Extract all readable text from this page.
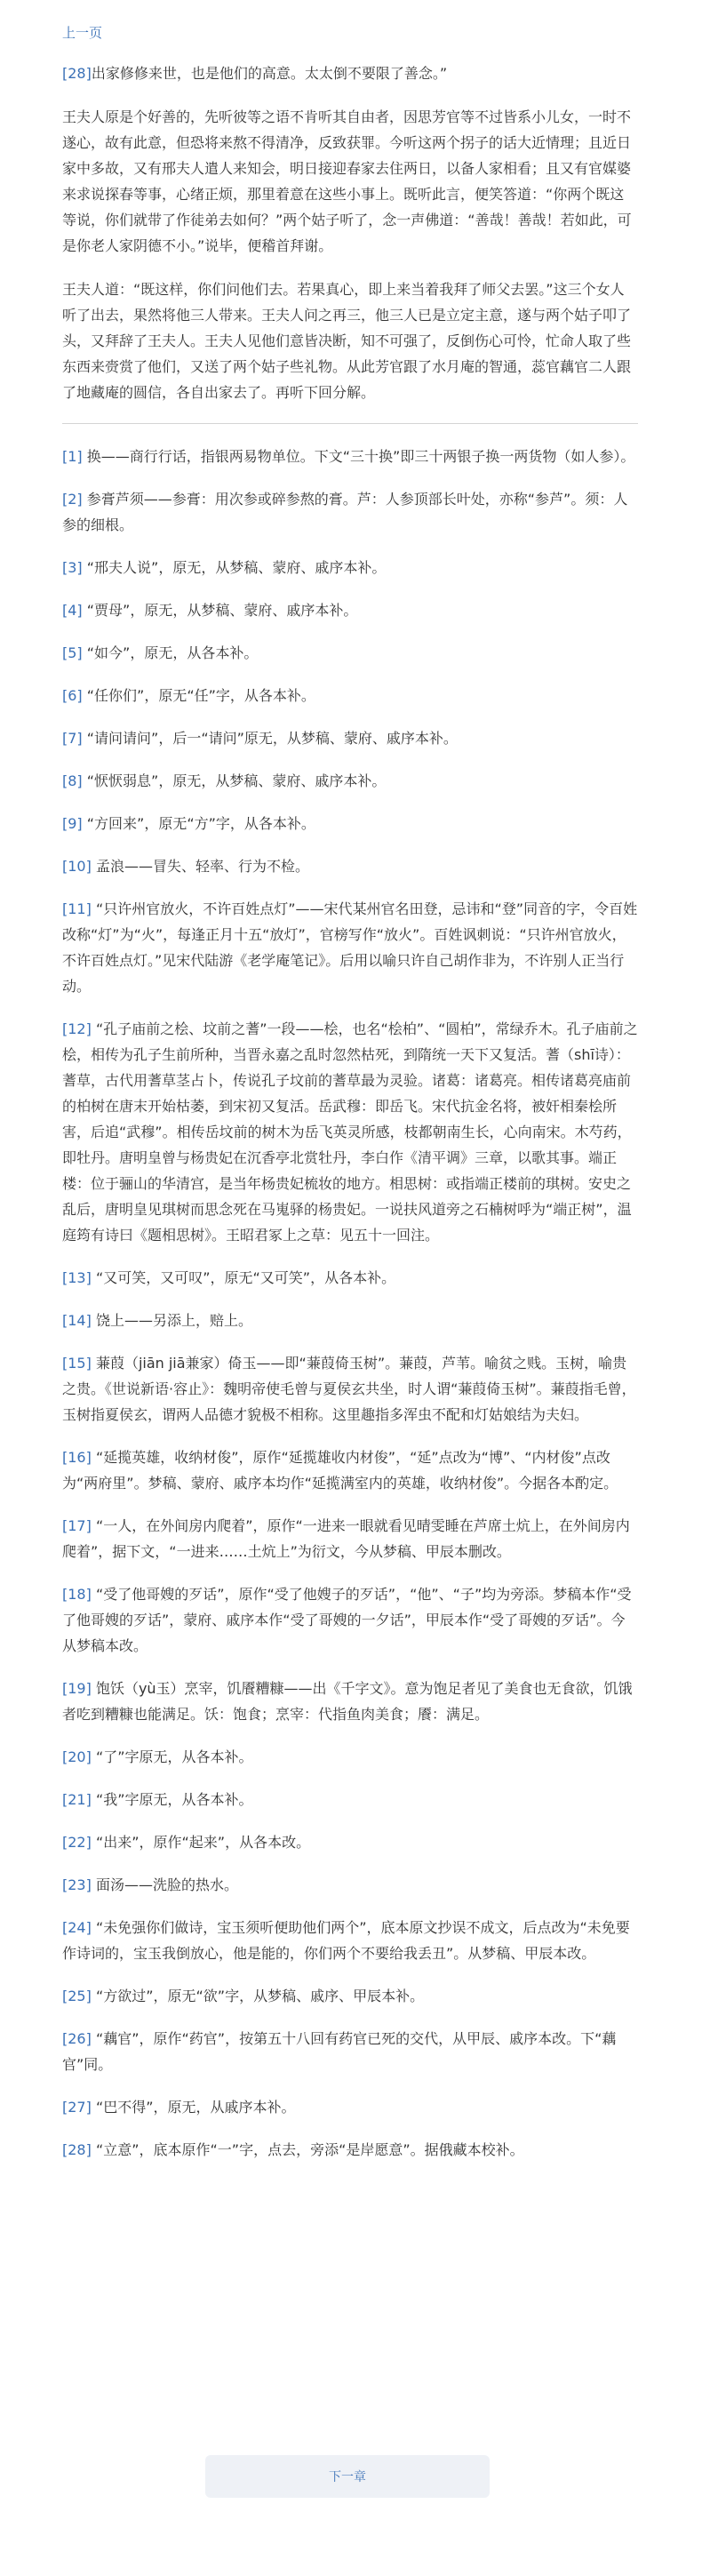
上一页

[28]出家修修来世，也是他们的高意。太太倒不要限了善念。”

王夫人原是个好善的，先听彼等之语不肯听其自由者，因思芳官等不过皆系小儿女，一时不遂心，故有此意，但恐将来熬不得清净，反致获罪。今听这两个拐子的话大近情理；且近日家中多故，又有邢夫人遣人来知会，明日接迎春家去住两日，以备人家相看；且又有官媒婆来求说探春等事，心绪正烦，那里着意在这些小事上。既听此言，便笑答道：“你两个既这等说，你们就带了作徒弟去如何？”两个姑子听了，念一声佛道：“善哉！善哉！若如此，可是你老人家阴德不小。”说毕，便稽首拜谢。

王夫人道：“既这样，你们问他们去。若果真心，即上来当着我拜了师父去罢。”这三个女人听了出去，果然将他三人带来。王夫人问之再三，他三人已是立定主意，遂与两个姑子叩了头，又拜辞了王夫人。王夫人见他们意皆决断，知不可强了，反倒伤心可怜，忙命人取了些东西来赍赏了他们，又送了两个姑子些礼物。从此芳官跟了水月庵的智通，蕊官藕官二人跟了地藏庵的圆信，各自出家去了。再听下回分解。

[1] 换——商行行话，指银两易物单位。下文“三十换”即三十两银子换一两货物（如人参）。

[2] 参膏芦须——参膏：用次参或碎参熬的膏。芦：人参顶部长叶处，亦称“参芦”。须：人参的细根。

[3] “邢夫人说”，原无，从梦稿、蒙府、戚序本补。

[4] “贾母”，原无，从梦稿、蒙府、戚序本补。

[5] “如今”，原无，从各本补。

[6] “任你们”，原无“任”字，从各本补。

[7] “请问请问”，后一“请问”原无，从梦稿、蒙府、戚序本补。

[8] “恹恹弱息”，原无，从梦稿、蒙府、戚序本补。

[9] “方回来”，原无“方”字，从各本补。

[10] 孟浪——冒失、轻率、行为不检。

[11] “只许州官放火，不许百姓点灯”——宋代某州官名田登，忌讳和“登”同音的字，令百姓改称“灯”为“火”，每逢正月十五“放灯”，官榜写作“放火”。百姓讽刺说：“只许州官放火，不许百姓点灯。”见宋代陆游《老学庵笔记》。后用以喻只许自己胡作非为，不许别人正当行动。

[12] “孔子庙前之桧、坟前之蓍”一段——桧，也名“桧柏”、“圆柏”，常绿乔木。孔子庙前之桧，相传为孔子生前所种，当晋永嘉之乱时忽然枯死，到隋统一天下又复活。蓍（shī诗）：蓍草，古代用蓍草茎占卜，传说孔子坟前的蓍草最为灵验。诸葛：诸葛亮。相传诸葛亮庙前的柏树在唐末开始枯萎，到宋初又复活。岳武穆：即岳飞。宋代抗金名将，被奸相秦桧所害，后追“武穆”。相传岳坟前的树木为岳飞英灵所感，枝都朝南生长，心向南宋。木芍药，即牡丹。唐明皇曾与杨贵妃在沉香亭北赏牡丹，李白作《清平调》三章，以歌其事。端正楼：位于骊山的华清宫，是当年杨贵妃梳妆的地方。相思树：或指端正楼前的琪树。安史之乱后，唐明皇见琪树而思念死在马嵬驿的杨贵妃。一说扶风道旁之石楠树呼为“端正树”，温庭筠有诗曰《题相思树》。王昭君冢上之草：见五十一回注。

[13] “又可笑，又可叹”，原无“又可笑”，从各本补。

[14] 饶上——另添上，赔上。

[15] 蒹葭（jiān jiā兼家）倚玉——即“蒹葭倚玉树”。蒹葭，芦苇。喻贫之贱。玉树，喻贵之贵。《世说新语·容止》：魏明帝使毛曾与夏侯玄共坐，时人谓“蒹葭倚玉树”。蒹葭指毛曾，玉树指夏侯玄，谓两人品德才貌极不相称。这里趣指多浑虫不配和灯姑娘结为夫妇。

[16] “延揽英雄，收纳材俊”，原作“延揽雄收内材俊”，“延”点改为“博”、“内材俊”点改为“两府里”。梦稿、蒙府、戚序本均作“延揽满室内的英雄，收纳材俊”。今据各本酌定。

[17] “一人，在外间房内爬着”，原作“一进来一眼就看见晴雯睡在芦席土炕上，在外间房内爬着”，据下文，“一进来……土炕上”为衍文，今从梦稿、甲辰本删改。

[18] “受了他哥嫂的歹话”，原作“受了他嫂子的歹话”，“他”、“子”均为旁添。梦稿本作“受了他哥嫂的歹话”，蒙府、戚序本作“受了哥嫂的一夕话”，甲辰本作“受了哥嫂的歹话”。今从梦稿本改。

[19] 饱饫（yù玉）烹宰，饥餍糟糠——出《千字文》。意为饱足者见了美食也无食欲，饥饿者吃到糟糠也能满足。饫：饱食；烹宰：代指鱼肉美食；餍：满足。

[20] “了”字原无，从各本补。

[21] “我”字原无，从各本补。

[22] “出来”，原作“起来”，从各本改。

[23] 面汤——洗脸的热水。

[24] “未免强你们做诗，宝玉须听便助他们两个”，底本原文抄误不成文，后点改为“未免要作诗词的，宝玉我倒放心，他是能的，你们两个不要给我丢丑”。从梦稿、甲辰本改。

[25] “方欲过”，原无“欲”字，从梦稿、戚序、甲辰本补。

[26] “藕官”，原作“药官”，按第五十八回有药官已死的交代，从甲辰、戚序本改。下“藕官”同。

[27] “巴不得”，原无，从戚序本补。

[28] “立意”，底本原作“一”字，点去，旁添“是岸愿意”。据俄藏本校补。

下一章
